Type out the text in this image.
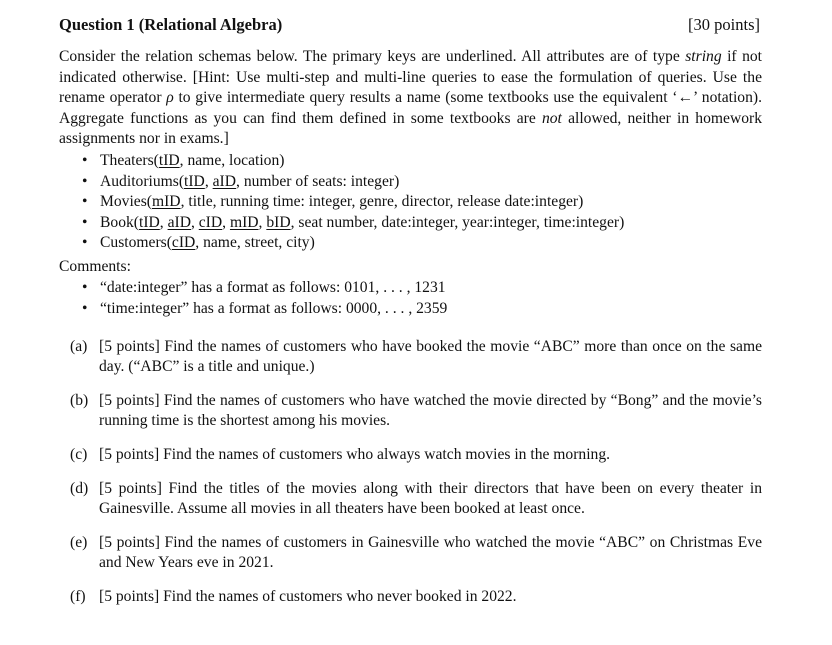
Question 1 (Relational Algebra)	[30 points]

Consider the relation schemas below. The primary keys are underlined. All attributes are of type string if not indicated otherwise. [Hint: Use multi-step and multi-line queries to ease the formulation of queries. Use the rename operator ρ to give intermediate query results a name (some textbooks use the equivalent ‘←’ notation). Aggregate functions as you can find them defined in some textbooks are not allowed, neither in homework assignments nor in exams.]

• Theaters(tID, name, location)
• Auditoriums(tID, aID, number of seats: integer)
• Movies(mID, title, running time: integer, genre, director, release date:integer)
• Book(tID, aID, cID, mID, bID, seat number, date:integer, year:integer, time:integer)
• Customers(cID, name, street, city)
Comments:
• “date:integer” has a format as follows: 0101, . . . , 1231
• “time:integer” has a format as follows: 0000, . . . , 2359
(a) [5 points] Find the names of customers who have booked the movie “ABC” more than once on the same day. (“ABC” is a title and unique.)
(b) [5 points] Find the names of customers who have watched the movie directed by “Bong” and the movie’s running time is the shortest among his movies.
(c) [5 points] Find the names of customers who always watch movies in the morning.
(d) [5 points] Find the titles of the movies along with their directors that have been on every theater in Gainesville. Assume all movies in all theaters have been booked at least once.
(e) [5 points] Find the names of customers in Gainesville who watched the movie “ABC” on Christmas Eve and New Years eve in 2021.
(f) [5 points] Find the names of customers who never booked in 2022.
